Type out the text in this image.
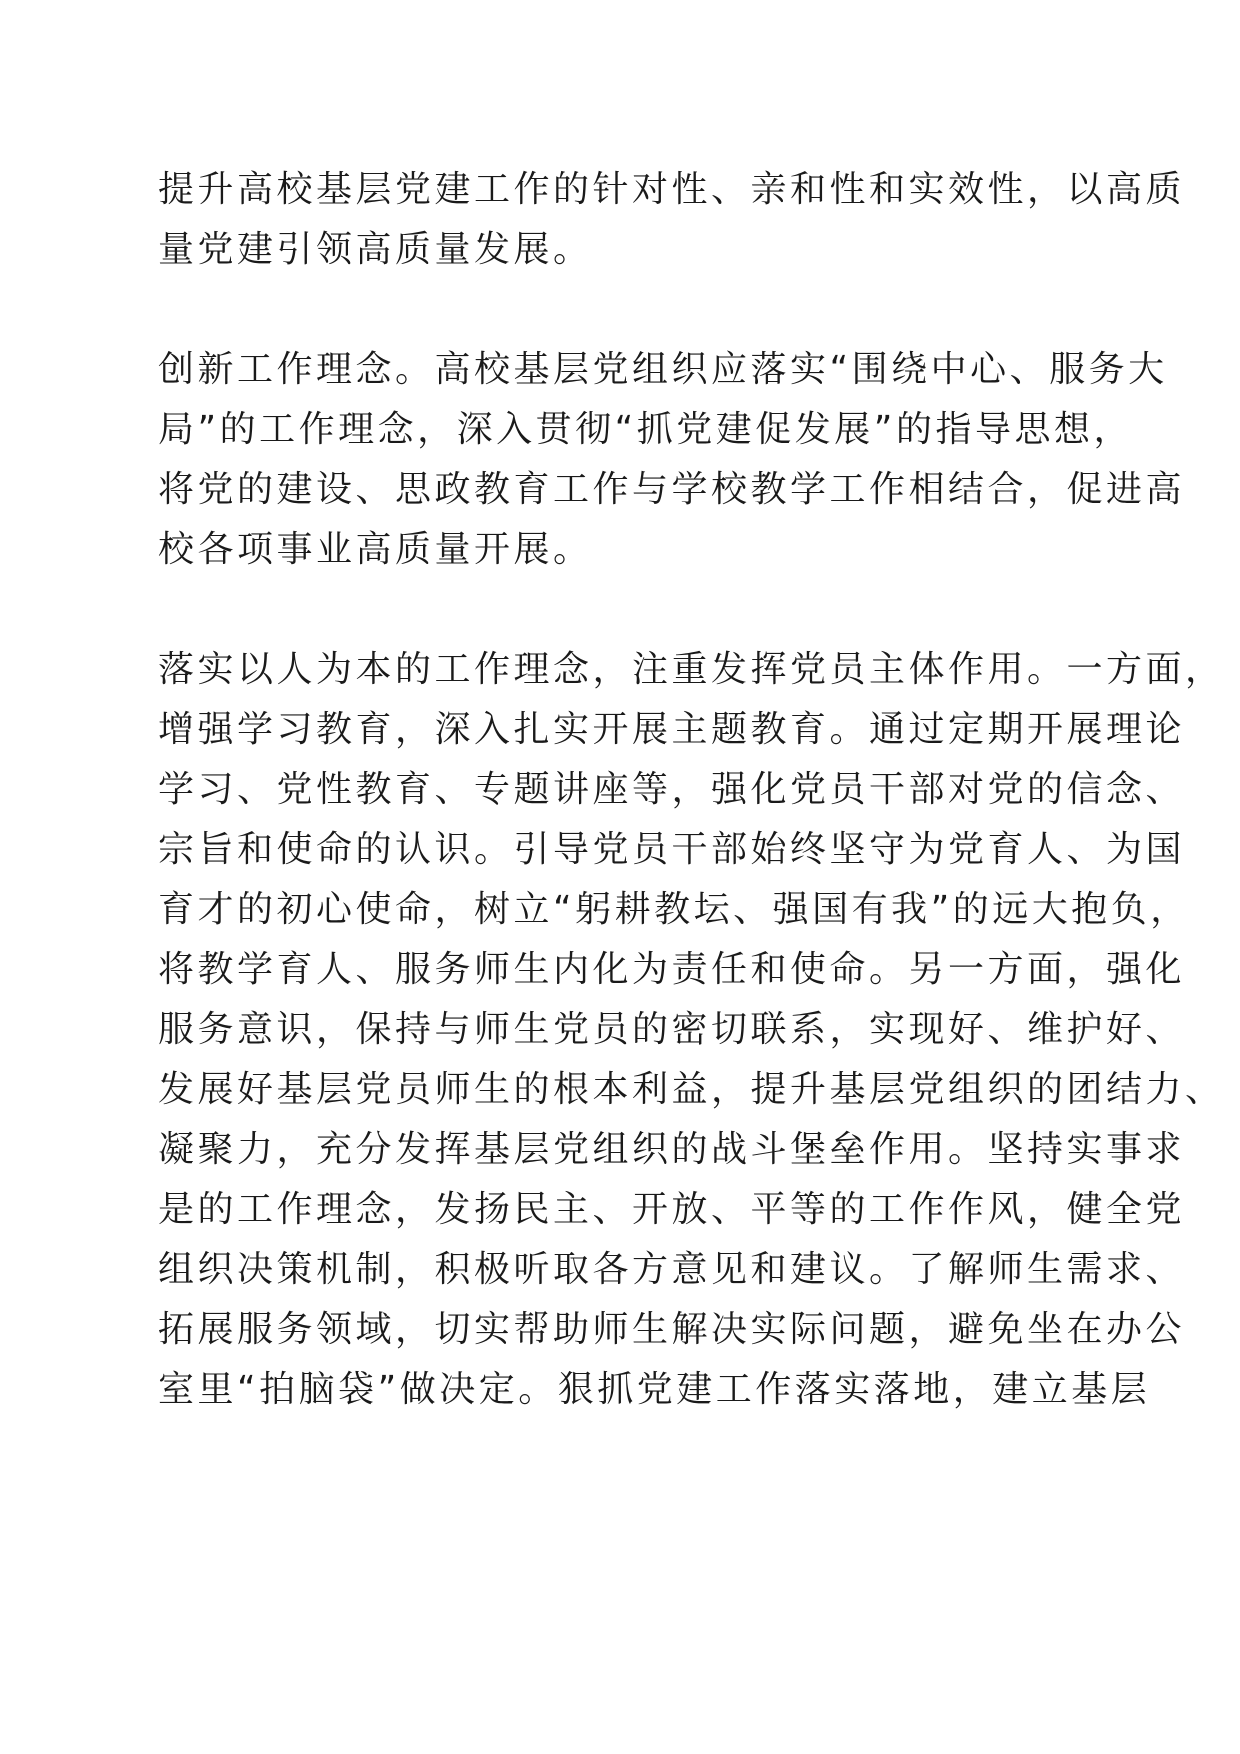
提升高校基层党建工作的针对性、亲和性和实效性，以高质

量党建引领高质量发展。

创新工作理念。高校基层党组织应落实“围绕中心、服务大

局”的工作理念，深入贯彻“抓党建促发展”的指导思想，

将党的建设、思政教育工作与学校教学工作相结合，促进高

校各项事业高质量开展。

落实以人为本的工作理念，注重发挥党员主体作用。一方面，

增强学习教育，深入扎实开展主题教育。通过定期开展理论

学习、党性教育、专题讲座等，强化党员干部对党的信念、

宗旨和使命的认识。引导党员干部始终坚守为党育人、为国

育才的初心使命，树立“躬耕教坛、强国有我”的远大抱负，

将教学育人、服务师生内化为责任和使命。另一方面，强化

服务意识，保持与师生党员的密切联系，实现好、维护好、

发展好基层党员师生的根本利益，提升基层党组织的团结力、

凝聚力，充分发挥基层党组织的战斗堡垒作用。坚持实事求

是的工作理念，发扬民主、开放、平等的工作作风，健全党

组织决策机制，积极听取各方意见和建议。了解师生需求、

拓展服务领域，切实帮助师生解决实际问题，避免坐在办公

室里“拍脑袋”做决定。狠抓党建工作落实落地，建立基层
